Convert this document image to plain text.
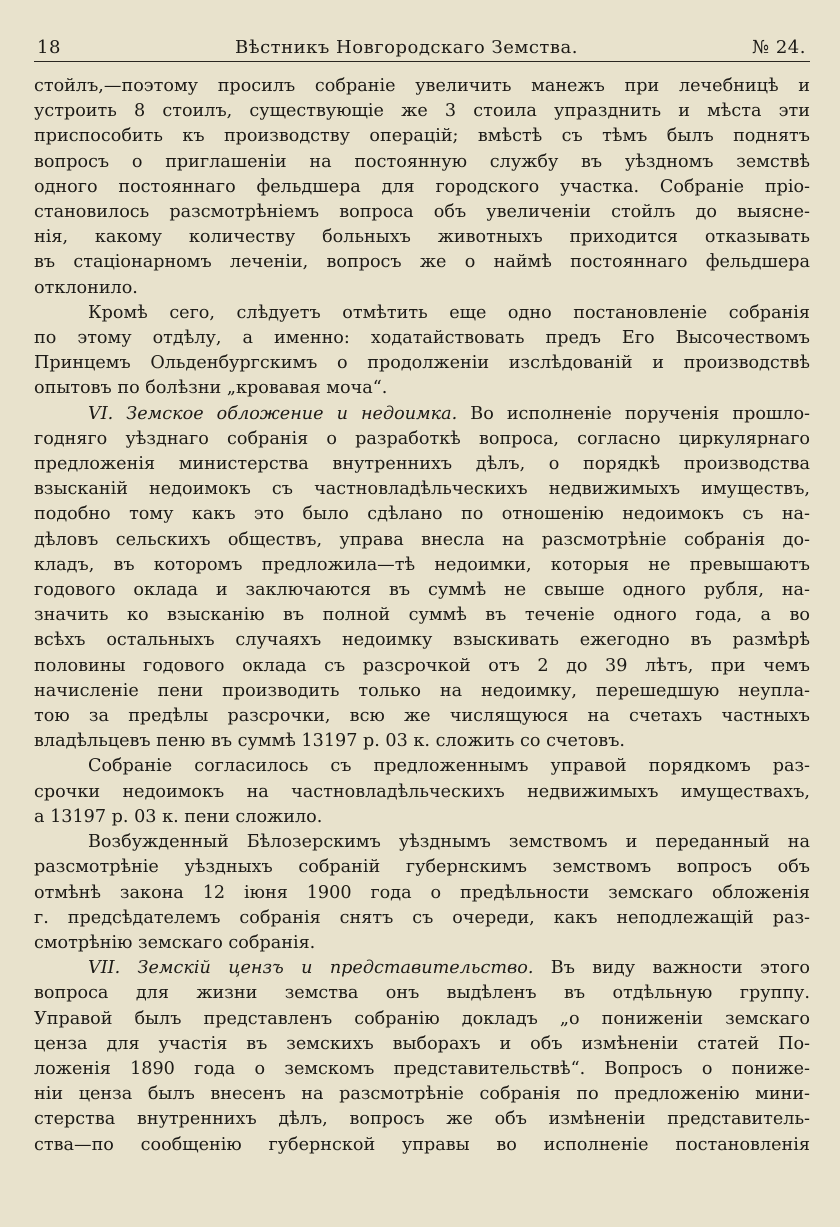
18	Вѣстникъ Новгородскаго Земства.	№ 24.
стойлъ,—поэтому просилъ собраніе увеличить манежъ при лечебницѣ и
устроить 8 стоилъ, существующіе же 3 стоила упразднить и мѣста эти
приспособить къ производству операцій; вмѣстѣ съ тѣмъ былъ поднятъ
вопросъ о приглашеніи на постоянную службу въ уѣздномъ земствѣ
одного постояннаго фельдшера для городского участка. Собраніе пріо-
становилось разсмотрѣніемъ вопроса объ увеличеніи стойлъ до выясне-
нія, какому количеству больныхъ животныхъ приходится отказывать
въ стаціонарномъ леченіи, вопросъ же о наймѣ постояннаго фельдшера
отклонило.
Кромѣ сего, слѣдуетъ отмѣтить еще одно постановленіе собранія
по этому отдѣлу, а именно: ходатайствовать предъ Его Высочествомъ
Принцемъ Ольденбургскимъ о продолженіи изслѣдованій и производствѣ
опытовъ по болѣзни „кровавая моча“.
VI. Земское обложение и недоимка. Во исполненіе порученія прошло-
годняго уѣзднаго собранія о разработкѣ вопроса, согласно циркулярнаго
предложенія министерства внутреннихъ дѣлъ, о порядкѣ производства
взысканій недоимокъ съ частновладѣльческихъ недвижимыхъ имуществъ,
подобно тому какъ это было сдѣлано по отношенію недоимокъ съ на-
дѣловъ сельскихъ обществъ, управа внесла на разсмотрѣніе собранія до-
кладъ, въ которомъ предложила—тѣ недоимки, которыя не превышаютъ
годового оклада и заключаются въ суммѣ не свыше одного рубля, на-
значить ко взысканію въ полной суммѣ въ теченіе одного года, а во
всѣхъ остальныхъ случаяхъ недоимку взыскивать ежегодно въ размѣрѣ
половины годового оклада съ разсрочкой отъ 2 до 39 лѣтъ, при чемъ
начисленіе пени производить только на недоимку, перешедшую неупла-
тою за предѣлы разсрочки, всю же числящуюся на счетахъ частныхъ
владѣльцевъ пеню въ суммѣ 13197 р. 03 к. сложить со счетовъ.
Собраніе согласилось съ предложеннымъ управой порядкомъ раз-
срочки недоимокъ на частновладѣльческихъ недвижимыхъ имуществахъ,
а 13197 р. 03 к. пени сложило.
Возбужденный Бѣлозерскимъ уѣзднымъ земствомъ и переданный на
разсмотрѣніе уѣздныхъ собраній губернскимъ земствомъ вопросъ объ
отмѣнѣ закона 12 іюня 1900 года о предѣльности земскаго обложенія
г. предсѣдателемъ собранія снятъ съ очереди, какъ неподлежащій раз-
смотрѣнію земскаго собранія.
VII. Земскій цензъ и представительство. Въ виду важности этого
вопроса для жизни земства онъ выдѣленъ въ отдѣльную группу.
Управой былъ представленъ собранію докладъ „о пониженіи земскаго
ценза для участія въ земскихъ выборахъ и объ измѣненіи статей По-
ложенія 1890 года о земскомъ представительствѣ“. Вопросъ о пониже-
ніи ценза былъ внесенъ на разсмотрѣніе собранія по предложенію мини-
стерства внутреннихъ дѣлъ, вопросъ же объ измѣненіи представитель-
ства—по сообщенію губернской управы во исполненіе постановленія
